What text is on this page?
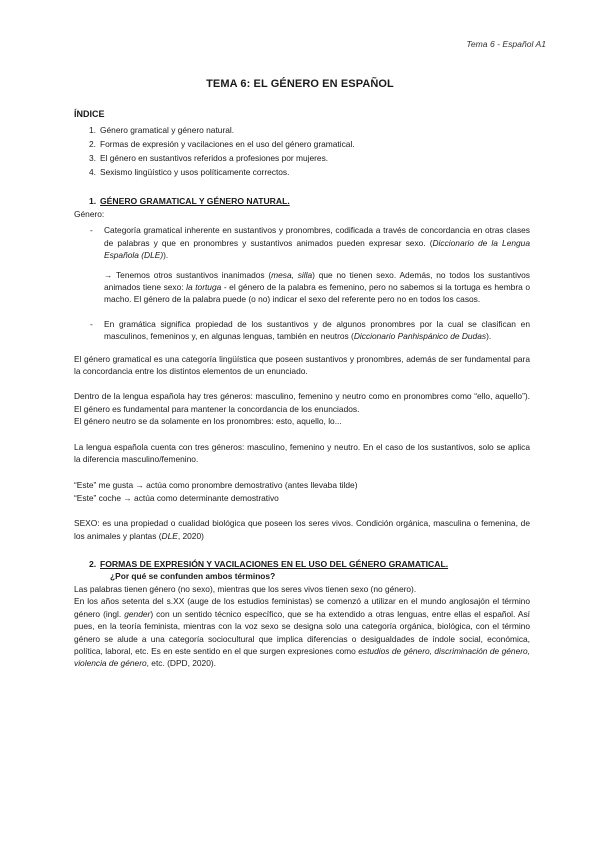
Tema 6 - Español A1
TEMA 6: EL GÉNERO EN ESPAÑOL
ÍNDICE
1. Género gramatical y género natural.
2. Formas de expresión y vacilaciones en el uso del género gramatical.
3. El género en sustantivos referidos a profesiones por mujeres.
4. Sexismo lingüístico y usos políticamente correctos.
1. GÉNERO GRAMATICAL Y GÉNERO NATURAL.
Género:
-	Categoría gramatical inherente en sustantivos y pronombres, codificada a través de concordancia en otras clases de palabras y que en pronombres y sustantivos animados pueden expresar sexo. (Diccionario de la Lengua Española (DLE)).
→ Tenemos otros sustantivos inanimados (mesa, silla) que no tienen sexo. Además, no todos los sustantivos animados tiene sexo: la tortuga - el género de la palabra es femenino, pero no sabemos si la tortuga es hembra o macho. El género de la palabra puede (o no) indicar el sexo del referente pero no en todos los casos.
-	En gramática significa propiedad de los sustantivos y de algunos pronombres por la cual se clasifican en masculinos, femeninos y, en algunas lenguas, también en neutros (Diccionario Panhispánico de Dudas).
El género gramatical es una categoría lingüística que poseen sustantivos y pronombres, además de ser fundamental para la concordancia entre los distintos elementos de un enunciado.
Dentro de la lengua española hay tres géneros: masculino, femenino y neutro como en pronombres como “ello, aquello”). El género es fundamental para mantener la concordancia de los enunciados.
El género neutro se da solamente en los pronombres: esto, aquello, lo...
La lengua española cuenta con tres géneros: masculino, femenino y neutro. En el caso de los sustantivos, solo se aplica la diferencia masculino/femenino.
“Este” me gusta → actúa como pronombre demostrativo (antes llevaba tilde)
“Este” coche → actúa como determinante demostrativo
SEXO: es una propiedad o cualidad biológica que poseen los seres vivos. Condición orgánica, masculina o femenina, de los animales y plantas (DLE, 2020)
2. FORMAS DE EXPRESIÓN Y VACILACIONES EN EL USO DEL GÉNERO GRAMATICAL.
¿Por qué se confunden ambos términos?
Las palabras tienen género (no sexo), mientras que los seres vivos tienen sexo (no género).
En los años setenta del s.XX (auge de los estudios feministas) se comenzó a utilizar en el mundo anglosajón el término género (ingl. gender) con un sentido técnico específico, que se ha extendido a otras lenguas, entre ellas el español. Así pues, en la teoría feminista, mientras con la voz sexo se designa solo una categoría orgánica, biológica, con el término género se alude a una categoría sociocultural que implica diferencias o desigualdades de índole social, económica, política, laboral, etc. Es en este sentido en el que surgen expresiones como estudios de género, discriminación de género, violencia de género, etc. (DPD, 2020).
